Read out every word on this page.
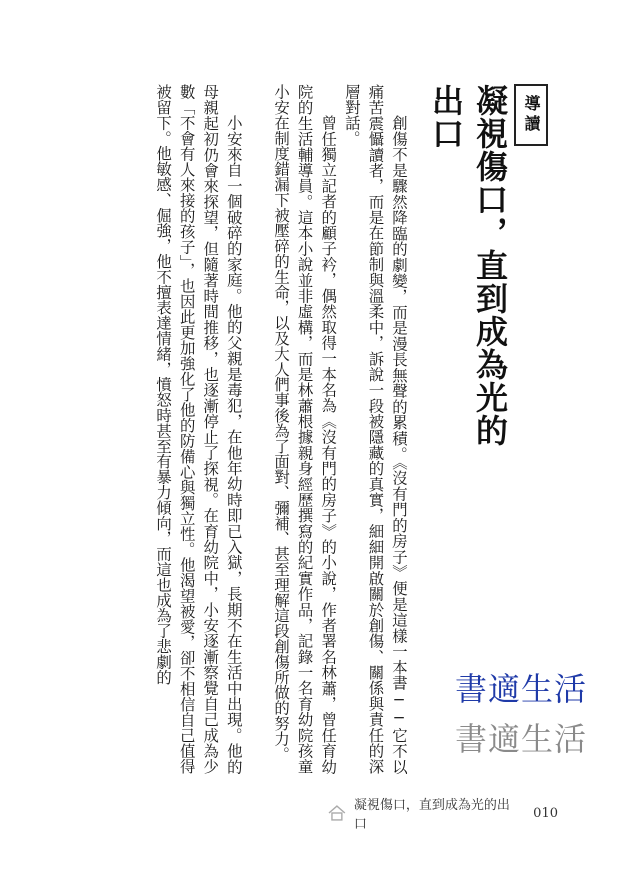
導讀
凝視傷口，直到成為光的出口

創傷不是驟然降臨的劇變，而是漫長無聲的累積。《沒有門的房子》便是這樣一本書──它不以痛苦震懾讀者，而是在節制與溫柔中，訴說一段被隱藏的真實，細細開啟關於創傷、關係與責任的深層對話。

曾任獨立記者的顧子衿，偶然取得一本名為《沒有門的房子》的小說，作者署名林蕭，曾任育幼院的生活輔導員。這本小說並非虛構，而是林蕭根據親身經歷撰寫的紀實作品，記錄一名育幼院孩童小安在制度錯漏下被壓碎的生命，以及大人們事後為了面對、彌補、甚至理解這段創傷所做的努力。

小安來自一個破碎的家庭。他的父親是毒犯，在他年幼時即已入獄，長期不在生活中出現。他的母親起初仍會來探望，但隨著時間推移，也逐漸停止了探視。在育幼院中，小安逐漸察覺自己成為少數「不會有人來接的孩子」，也因此更加強化了他的防備心與獨立性。他渴望被愛，卻不相信自己值得被留下。他敏感、倔強，他不擅表達情緒，憤怒時甚至有暴力傾向，而這也成為了悲劇的

書適生活
書適生活
凝視傷口，直到成為光的出口
010
